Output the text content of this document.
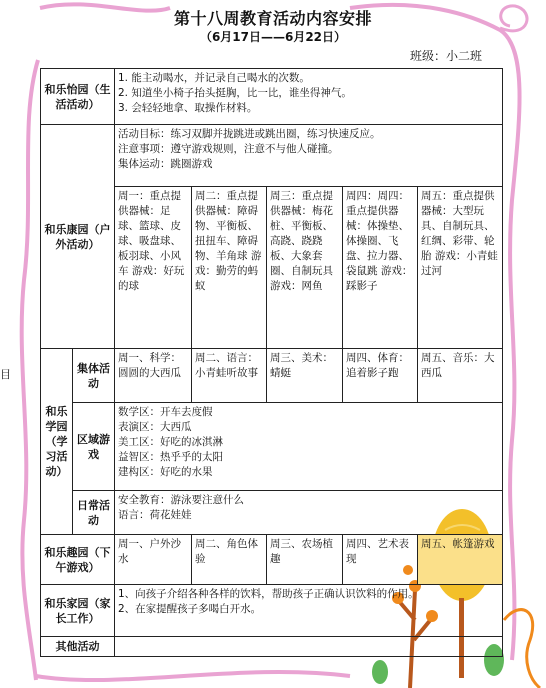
目
第十八周教育活动内容安排
（6月17日——6月22日）
班级：小二班
和乐怡园（生活活动）		1. 能主动喝水，并记录自己喝水的次数。
2. 知道坐小椅子抬头挺胸，比一比，谁坐得神气。
3. 会轻轻地拿、取操作材料。				

和乐康园（户外活动）		活动目标：练习双脚并拢跳进或跳出圈，练习快速反应。
注意事项：遵守游戏规则，注意不与他人碰撞。
集体运动：跳圈游戏				

		周一：重点提供器械：足球、篮球、皮球、吸盘球、板羽球、小风车 游戏：好玩的球	周二：重点提供器械：障碍物、平衡板、扭扭车、障碍物、羊角球 游戏：勤劳的蚂蚁	周三：重点提供器械：梅花桩、平衡板、高跷、跷跷板、大象套圈、自制玩具 游戏：网鱼	周四：周四：重点提供器械：体操垫、体操圈、飞盘、拉力器、袋鼠跳 游戏：踩影子	周五：重点提供器械：大型玩具、自制玩具、红绸、彩带、轮胎 游戏：小青蛙过河
和乐学园（学习活动）	集体活动	周一、科学：圆圆的大西瓜	周二、语言：小青蛙听故事	周三、美术：蜻蜓	周四、体育：追着影子跑	周五、音乐：大西瓜
	区域游戏	数学区：开车去度假
表演区：大西瓜
美工区：好吃的冰淇淋
益智区：热乎乎的太阳
建构区：好吃的水果				

	日常活动	安全教育：游泳要注意什么
语言：荷花娃娃				

和乐趣园（下午游戏）		周一、户外沙水	周二、角色体验	周三、农场植趣	周四、艺术表现	周五、帐篷游戏
和乐家园（家长工作）		1、向孩子介绍各种各样的饮料，帮助孩子正确认识饮料的作用。
2、在家提醒孩子多喝白开水。				

其他活动						
